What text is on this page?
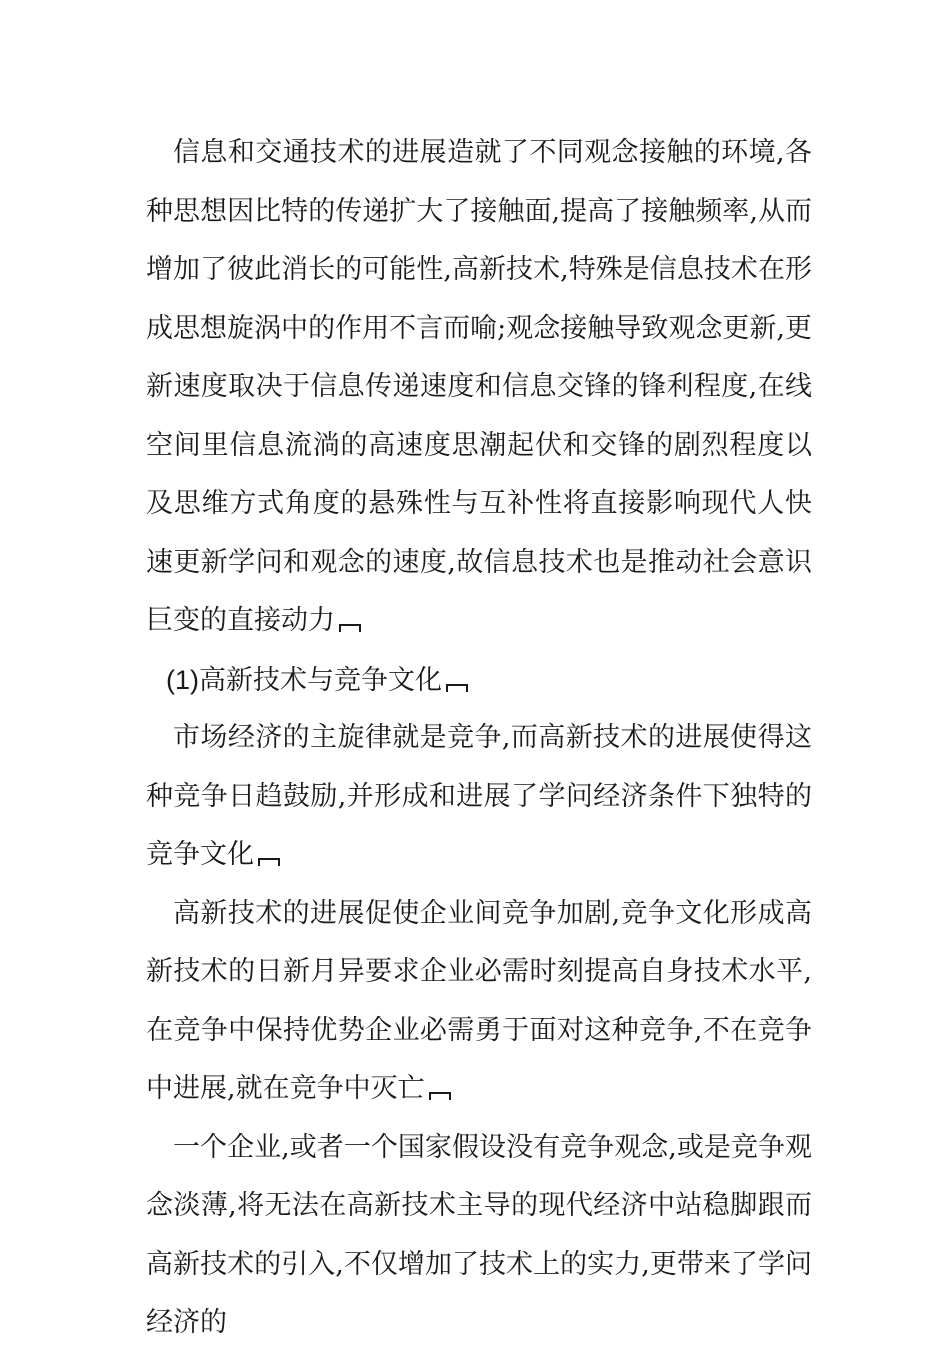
信息和交通技术的进展造就了不同观念接触的环境,各种思想因比特的传递扩大了接触面,提高了接触频率,从而增加了彼此消长的可能性,高新技术,特殊是信息技术在形成思想旋涡中的作用不言而喻;观念接触导致观念更新,更新速度取决于信息传递速度和信息交锋的锋利程度,在线空间里信息流淌的高速度思潮起伏和交锋的剧烈程度以及思维方式角度的悬殊性与互补性将直接影响现代人快速更新学问和观念的速度,故信息技术也是推动社会意识巨变的直接动力

(1)高新技术与竞争文化

市场经济的主旋律就是竞争,而高新技术的进展使得这种竞争日趋鼓励,并形成和进展了学问经济条件下独特的竞争文化

高新技术的进展促使企业间竞争加剧,竞争文化形成高新技术的日新月异要求企业必需时刻提高自身技术水平,在竞争中保持优势企业必需勇于面对这种竞争,不在竞争中进展,就在竞争中灭亡

一个企业,或者一个国家假设没有竞争观念,或是竞争观念淡薄,将无法在高新技术主导的现代经济中站稳脚跟而高新技术的引入,不仅增加了技术上的实力,更带来了学问经济的
